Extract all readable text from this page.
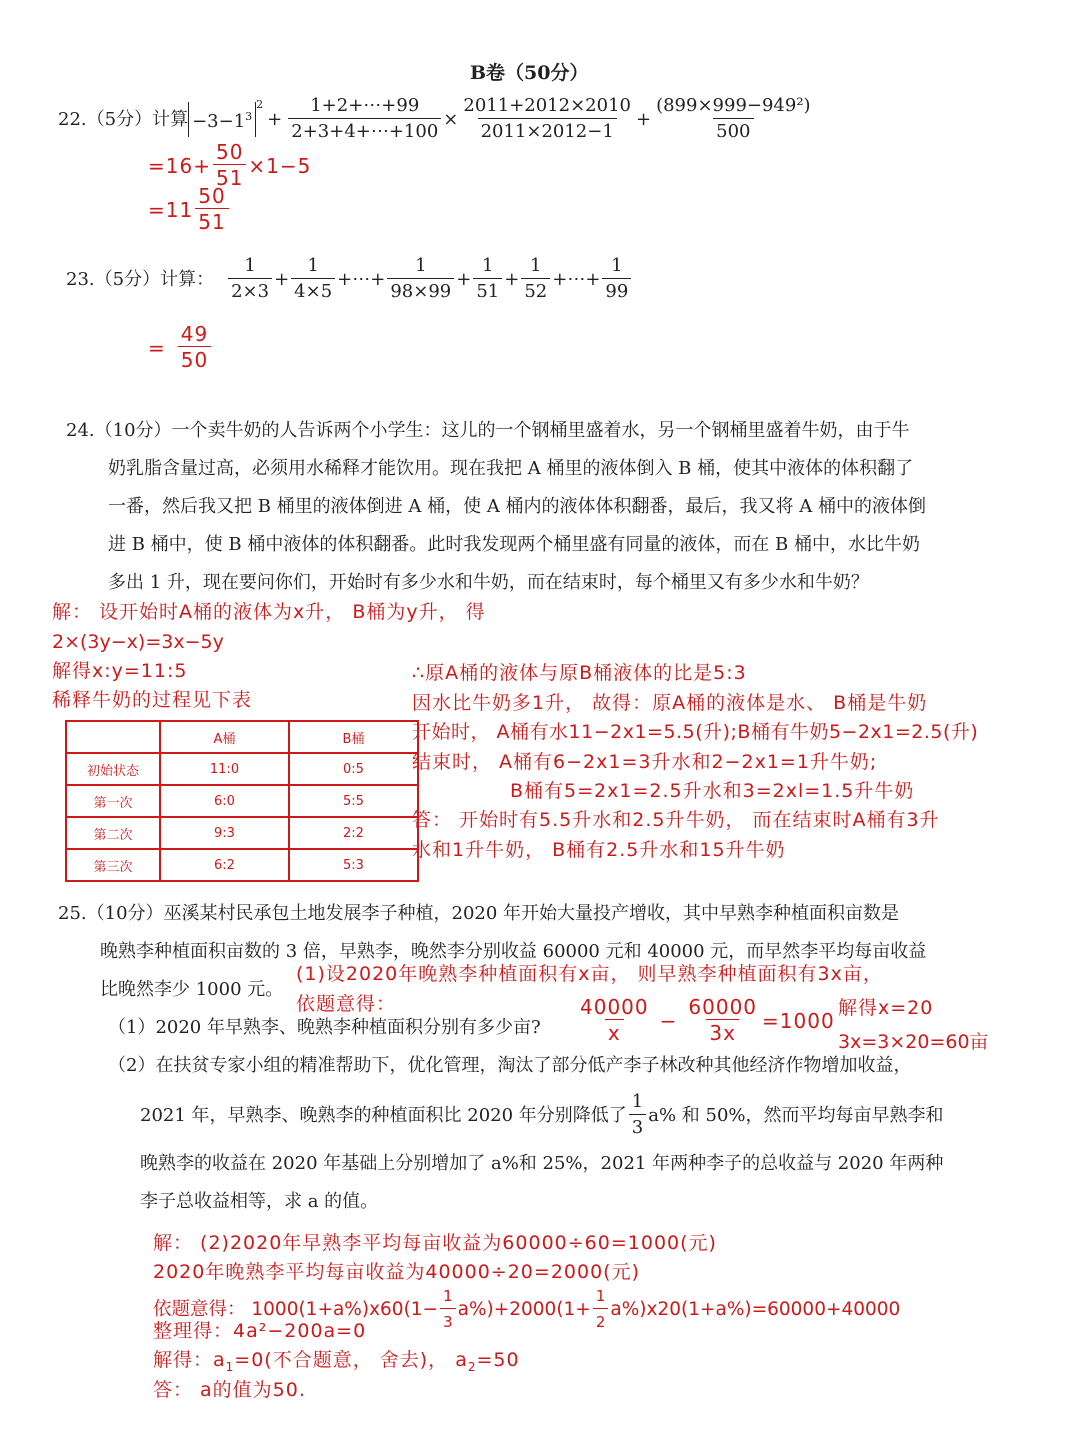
B卷（50分）
22.（5分）计算 $-3-1^3$
$^2$
+ $\frac{1+2+\cdots+99}{2+3+4+\cdots+100} \times \frac{2011+2012\times 2010}{2011\times 2012-1} + \frac{\text{(899×999−949²)}}{500}$
$=16+ \frac{50}{51} \times 1-5$
$=11 \frac{50}{51}$
23.（5分）计算： $\frac{1}{2\times 3} + \frac{1}{4\times 5}$ +⋯+ $\frac{1}{98\times 99} + \frac{1}{51} + \frac{1}{52}$ +⋯+ $\frac{1}{99}$
= $\frac{49}{50}$
24.（10分）一个卖牛奶的人告诉两个小学生：这儿的一个钢桶里盛着水，另一个钢桶里盛着牛奶，由于牛
奶乳脂含量过高，必须用水稀释才能饮用。现在我把 A 桶里的液体倒入 B 桶，使其中液体的体积翻了
一番，然后我又把 B 桶里的液体倒进 A 桶，使 A 桶内的液体体积翻番，最后，我又将 A 桶中的液体倒
进 B 桶中，使 B 桶中液体的体积翻番。此时我发现两个桶里盛有同量的液体，而在 B 桶中，水比牛奶
多出 1 升，现在要问你们，开始时有多少水和牛奶，而在结束时，每个桶里又有多少水和牛奶？
解： 设开始时A桶的液体为x升， B桶为y升， 得
2×(3y−x)=3x−5y
解得x:y=11:5
稀释牛奶的过程见下表
	A桶	B桶
初始状态	11:0	0:5
第一次	6:0	5:5
第二次	9:3	2:2
第三次	6:2	5:3
∴原A桶的液体与原B桶液体的比是5:3
因水比牛奶多1升， 故得：原A桶的液体是水、 B桶是牛奶
开始时， A桶有水11−2x1=5.5(升);B桶有牛奶5−2x1=2.5(升)
结束时， A桶有6−2x1=3升水和2−2x1=1升牛奶;
B桶有5=2x1=2.5升水和3=2xl=1.5升牛奶
答： 开始时有5.5升水和2.5升牛奶， 而在结束时A桶有3升
水和1升牛奶， B桶有2.5升水和15升牛奶
25.（10分）巫溪某村民承包土地发展李子种植，2020 年开始大量投产增收，其中早熟李种植面积亩数是
晚熟李种植面积亩数的 3 倍，早熟李，晚然李分别收益 60000 元和 40000 元，而早然李平均每亩收益
比晚然李少 1000 元。
（1）2020 年早熟李、晚熟李种植面积分别有多少亩?
（2）在扶贫专家小组的精准帮助下，优化管理，淘汰了部分低产李子林改种其他经济作物增加收益，
2021 年，早熟李、晚熟李的种植面积比 2020 年分别降低了 $\frac{1}{3} a\%$ 和 50%，然而平均每亩早熟李和
晚熟李的收益在 2020 年基础上分别增加了 a%和 25%，2021 年两种李子的总收益与 2020 年两种
李子总收益相等，求 a 的值。
(1)设2020年晚熟李种植面积有x亩， 则早熟李种植面积有3x亩，
依题意得：	$\frac{40000}{x} - \frac{60000}{3x} =1000$
解得x=20
3x=3×20=60亩
解： (2)2020年早熟李平均每亩收益为60000÷60=1000(元)
2020年晚熟李平均每亩收益为40000÷20=2000(元)
依题意得： $1000(1+a\%)x60(1- \frac{1}{3} a\%)+2000(1+ \frac{1}{2} a\%)x20(1+a\%)=60000+40000$
整理得：4a²−200a=0
解得：$a_1=0$(不合题意， 舍去)， $a_2=50$
答： a的值为50.
